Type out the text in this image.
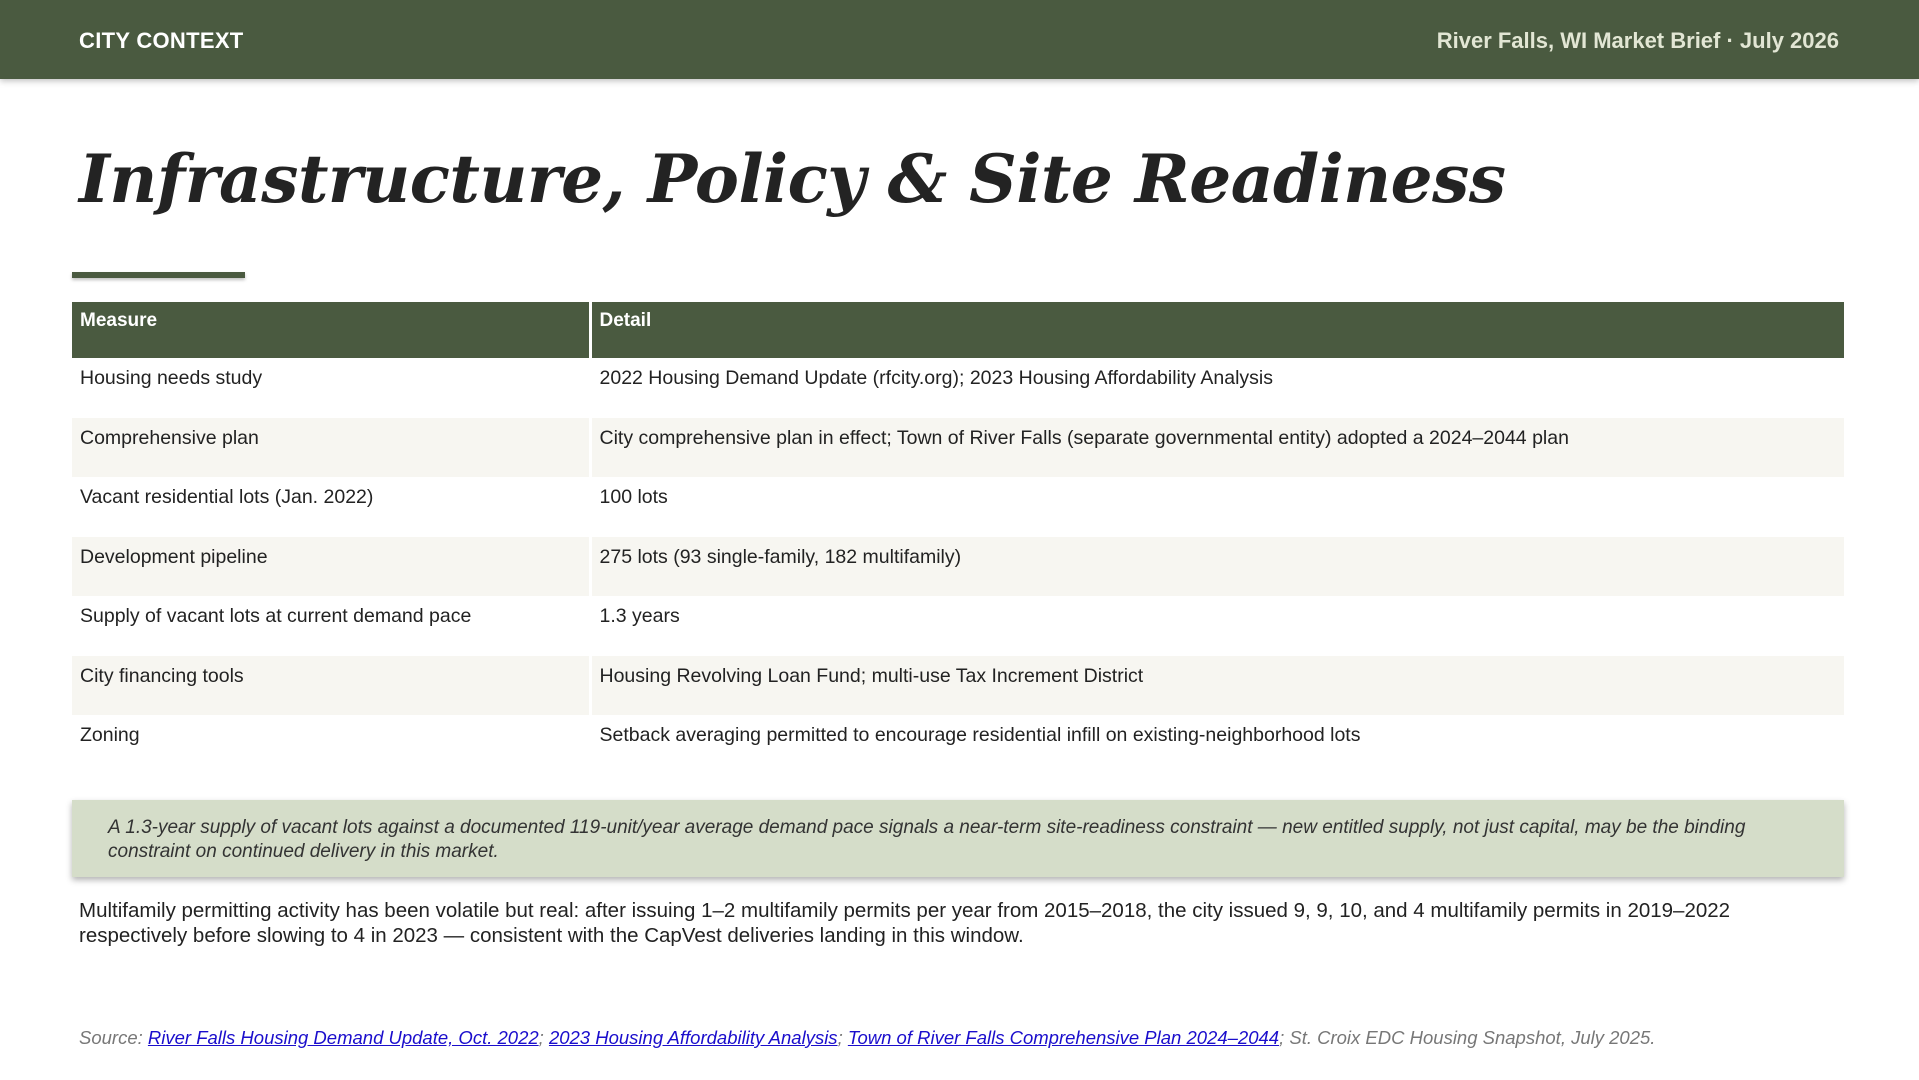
CITY CONTEXT	River Falls, WI Market Brief · July 2026
Infrastructure, Policy & Site Readiness
Measure	Detail
Housing needs study	2022 Housing Demand Update (rfcity.org); 2023 Housing Affordability Analysis
Comprehensive plan	City comprehensive plan in effect; Town of River Falls (separate governmental entity) adopted a 2024–2044 plan
Vacant residential lots (Jan. 2022)	100 lots
Development pipeline	275 lots (93 single-family, 182 multifamily)
Supply of vacant lots at current demand pace	1.3 years
City financing tools	Housing Revolving Loan Fund; multi-use Tax Increment District
Zoning	Setback averaging permitted to encourage residential infill on existing-neighborhood lots
A 1.3-year supply of vacant lots against a documented 119-unit/year average demand pace signals a near-term site-readiness constraint — new entitled supply, not just capital, may be the binding constraint on continued delivery in this market.
Multifamily permitting activity has been volatile but real: after issuing 1–2 multifamily permits per year from 2015–2018, the city issued 9, 9, 10, and 4 multifamily permits in 2019–2022 respectively before slowing to 4 in 2023 — consistent with the CapVest deliveries landing in this window.
Source: River Falls Housing Demand Update, Oct. 2022; 2023 Housing Affordability Analysis; Town of River Falls Comprehensive Plan 2024–2044; St. Croix EDC Housing Snapshot, July 2025.
